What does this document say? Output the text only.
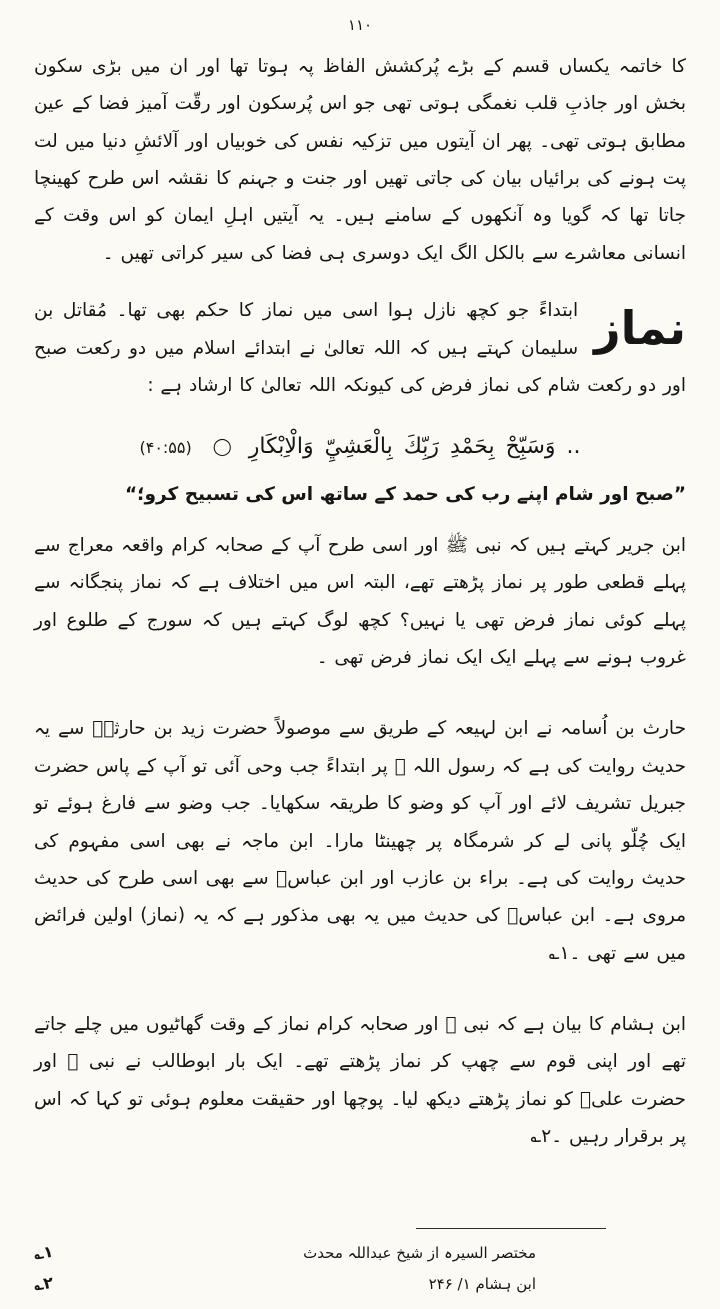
۱۱۰

کا خاتمہ یکساں قسم کے بڑے پُرکشش الفاظ پہ ہوتا تھا اور ان میں بڑی سکون بخش اور جاذبِ قلب نغمگی ہوتی تھی جو اس پُرسکون اور رقّت آمیز فضا کے عین مطابق ہوتی تھی۔ پھر ان آیتوں میں تزکیہ نفس کی خوبیاں اور آلائشِ دنیا میں لت پت ہونے کی برائیاں بیان کی جاتی تھیں اور جنت و جہنم کا نقشہ اس طرح کھینچا جاتا تھا کہ گویا وہ آنکھوں کے سامنے ہیں۔ یہ آیتیں اہلِ ایمان کو اس وقت کے انسانی معاشرے سے بالکل الگ ایک دوسری ہی فضا کی سیر کراتی تھیں ۔

نماز

ابتداءً جو کچھ نازل ہوا اسی میں نماز کا حکم بھی تھا۔ مُقاتل بن سلیمان کہتے ہیں کہ اللہ تعالیٰ نے ابتدائے اسلام میں دو رکعت صبح اور دو رکعت شام کی نماز فرض کی کیونکہ اللہ تعالیٰ کا ارشاد ہے :

.. وَسَبِّحْ بِحَمْدِ رَبِّكَ بِالْعَشِيِّ وَالْاِبْكَارِ ◯ (۴۰:۵۵)

”صبح اور شام اپنے رب کی حمد کے ساتھ اس کی تسبیح کرو؛“

ابن جریر کہتے ہیں کہ نبی ﷺ اور اسی طرح آپ کے صحابہ کرام واقعہ معراج سے پہلے قطعی طور پر نماز پڑھتے تھے، البتہ اس میں اختلاف ہے کہ نماز پنجگانہ سے پہلے کوئی نماز فرض تھی یا نہیں؟ کچھ لوگ کہتے ہیں کہ سورج کے طلوع اور غروب ہونے سے پہلے ایک ایک نماز فرض تھی ۔

حارث بن اُسامہ نے ابن لہیعہ کے طریق سے موصولاً حضرت زید بن حارثہؓ سے یہ حدیث روایت کی ہے کہ رسول اللہ ﷺ پر ابتداءً جب وحی آئی تو آپ کے پاس حضرت جبریل تشریف لائے اور آپ کو وضو کا طریقہ سکھایا۔ جب وضو سے فارغ ہوئے تو ایک چُلّو پانی لے کر شرمگاہ پر چھینٹا مارا۔ ابن ماجہ نے بھی اسی مفہوم کی حدیث روایت کی ہے۔ براء بن عازب اور ابن عباسؓ سے بھی اسی طرح کی حدیث مروی ہے۔ ابن عباسؓ کی حدیث میں یہ بھی مذکور ہے کہ یہ (نماز) اولین فرائض میں سے تھی ۔۱؎

ابن ہشام کا بیان ہے کہ نبی ﷺ اور صحابہ کرام نماز کے وقت گھاٹیوں میں چلے جاتے تھے اور اپنی قوم سے چھپ کر نماز پڑھتے تھے۔ ایک بار ابوطالب نے نبی ﷺ اور حضرت علیؓ کو نماز پڑھتے دیکھ لیا۔ پوچھا اور حقیقت معلوم ہوئی تو کہا کہ اس پر برقرار رہیں ۔۲؎

مختصر السیرہ از شیخ عبداللہ محدث
۱؎
ابن ہشام ۱/ ۲۴۶
۲؎
